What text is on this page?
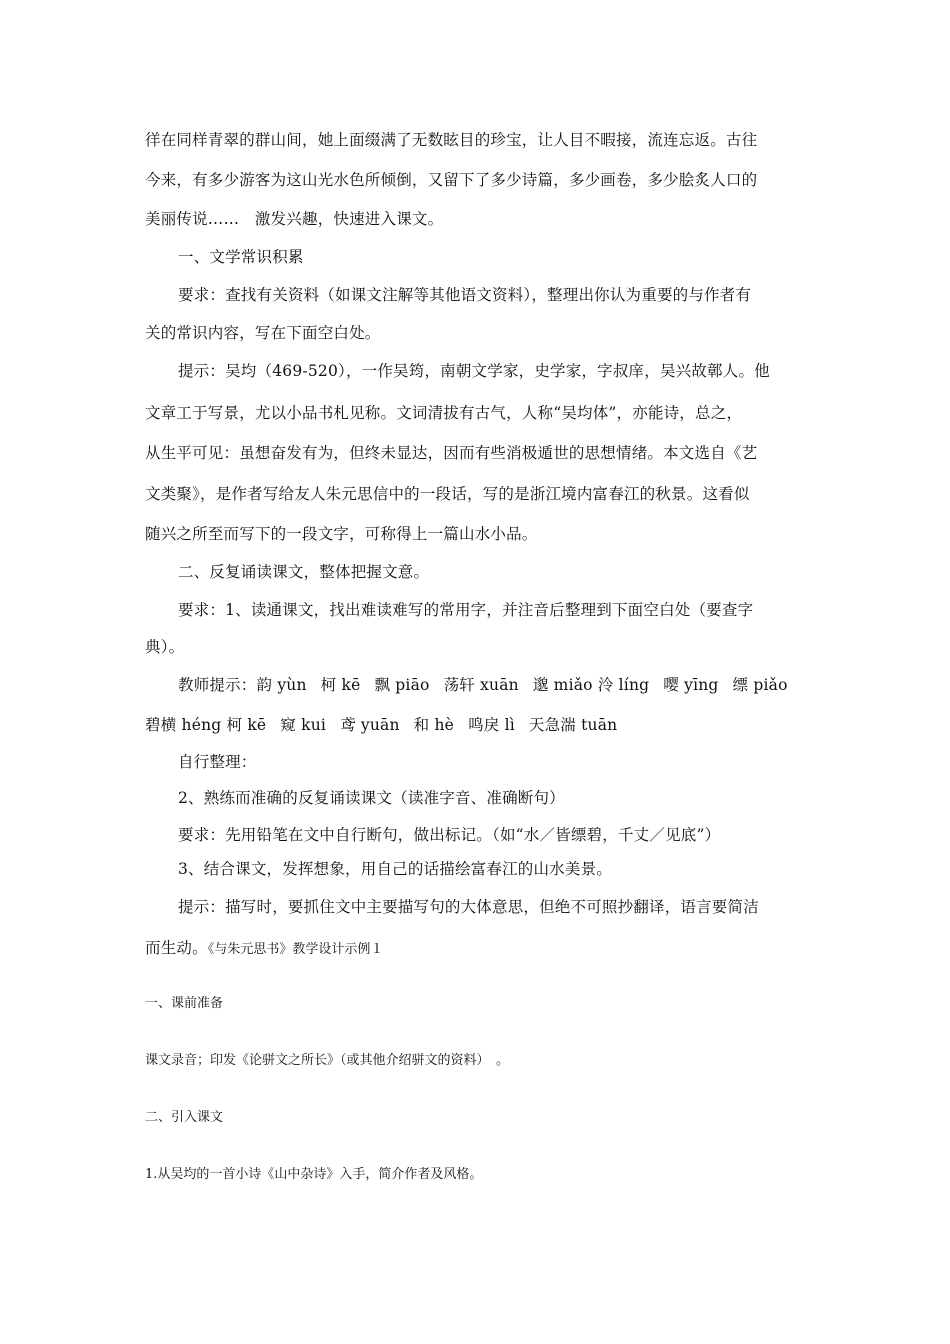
徉在同样青翠的群山间，她上面缀满了无数眩目的珍宝，让人目不暇接，流连忘返。古往
今来，有多少游客为这山光水色所倾倒，又留下了多少诗篇，多少画卷，多少脍炙人口的
美丽传说……　激发兴趣，快速进入课文。
一、文学常识积累
要求：查找有关资料（如课文注解等其他语文资料），整理出你认为重要的与作者有
关的常识内容，写在下面空白处。
提示：吴均（469-520），一作吴筠，南朝文学家，史学家，字叔庠，吴兴故鄣人。他
文章工于写景，尤以小品书札见称。文词清拔有古气，人称“吴均体”，亦能诗，总之，
从生平可见：虽想奋发有为，但终未显达，因而有些消极遁世的思想情绪。本文选自《艺
文类聚》，是作者写给友人朱元思信中的一段话，写的是浙江境内富春江的秋景。这看似
随兴之所至而写下的一段文字，可称得上一篇山水小品。
二、反复诵读课文，整体把握文意。
要求：1、读通课文，找出难读难写的常用字，并注音后整理到下面空白处（要查字
典）。
教师提示：韵 yùn 柯 kē 飘 piāo 荡轩 xuān 邈 miǎo 泠 líng 嘤 yīng 缥 piǎo
碧横 héng 柯 kē 窥 kui 鸢 yuān 和 hè 鸣戾 lì 天急湍 tuān
自行整理：
2、熟练而准确的反复诵读课文（读准字音、准确断句）
要求：先用铅笔在文中自行断句，做出标记。（如“水／皆缥碧，千丈／见底”）
3、结合课文，发挥想象，用自己的话描绘富春江的山水美景。
提示：描写时，要抓住文中主要描写句的大体意思，但绝不可照抄翻译，语言要简洁
而生动。《与朱元思书》教学设计示例１
一、课前准备
课文录音；印发《论骈文之所长》（或其他介绍骈文的资料）　。
二、引入课文
1.从吴均的一首小诗《山中杂诗》入手，简介作者及风格。
